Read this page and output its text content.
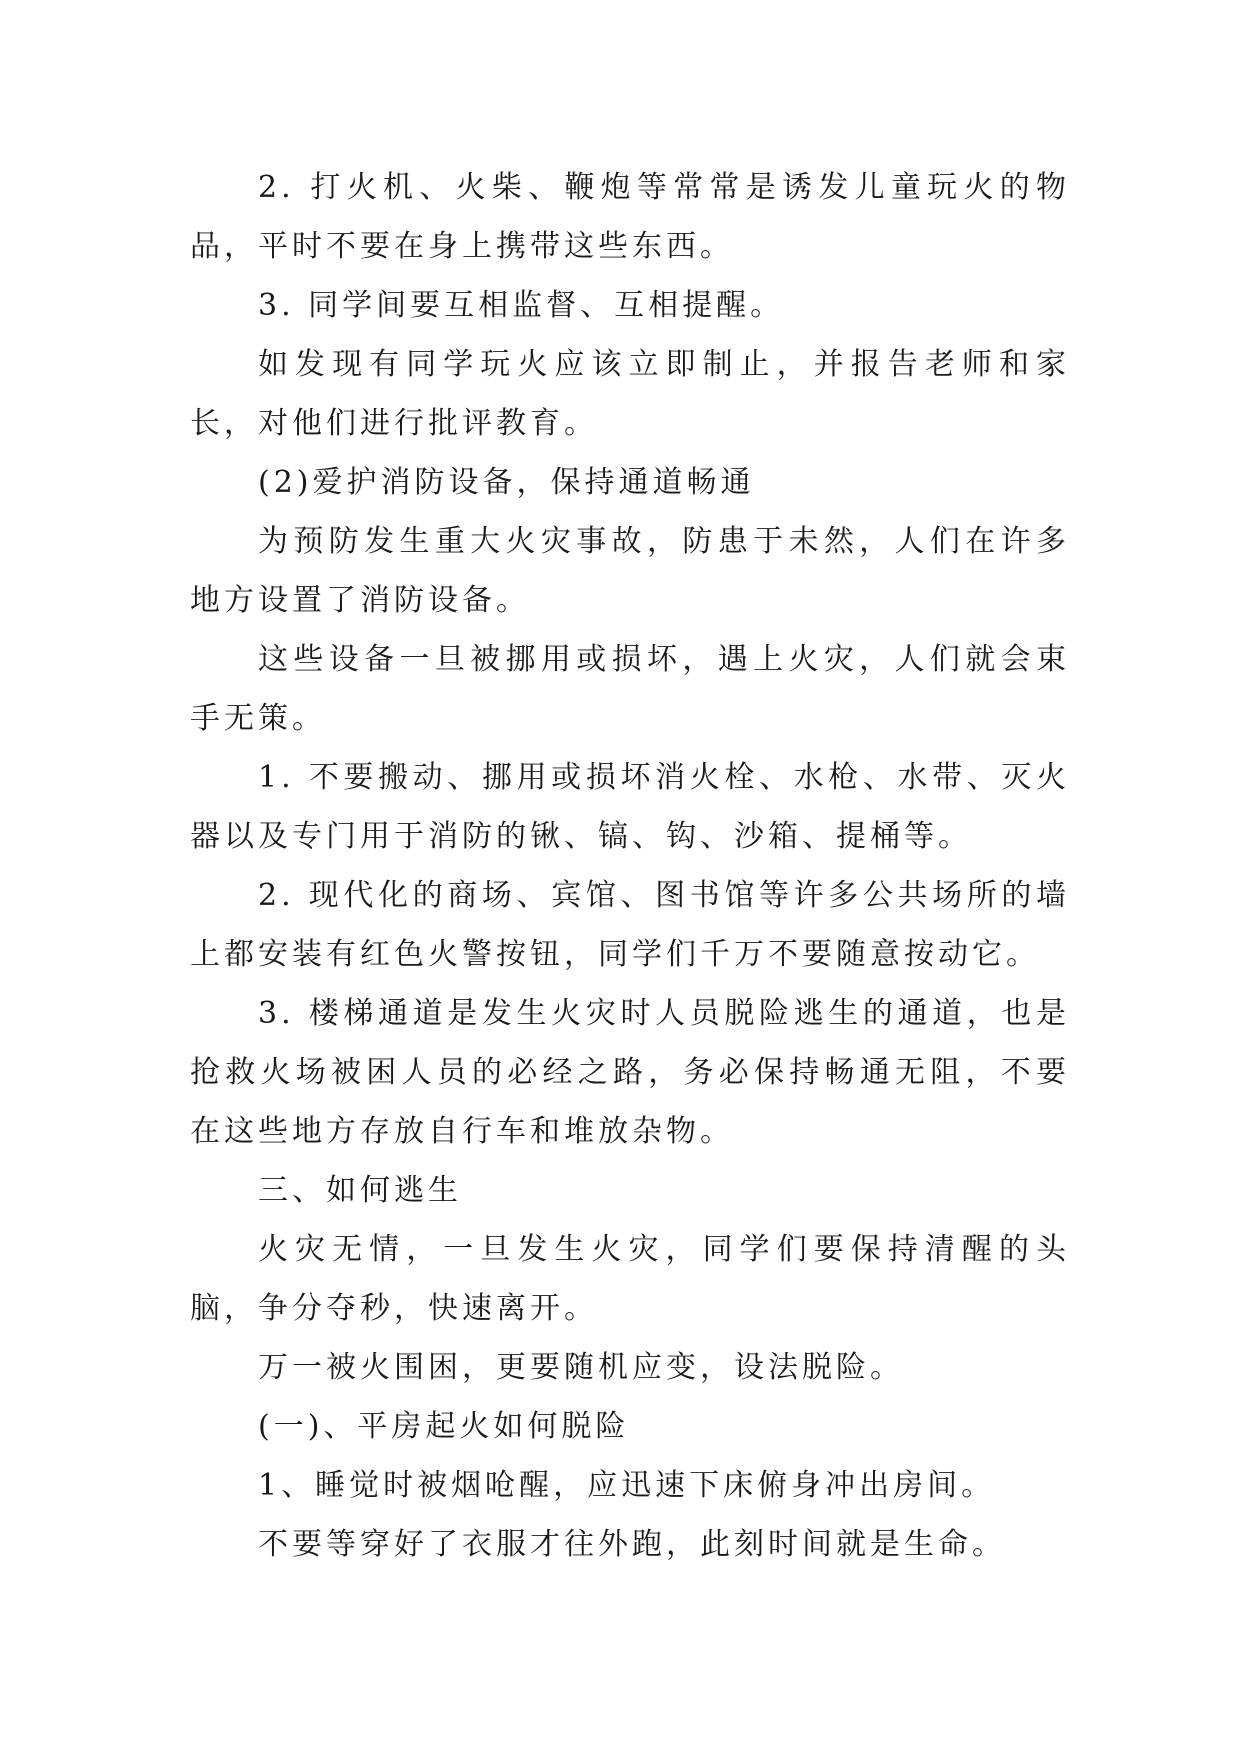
2. 打火机、火柴、鞭炮等常常是诱发儿童玩火的物品，平时不要在身上携带这些东西。

3. 同学间要互相监督、互相提醒。

如发现有同学玩火应该立即制止，并报告老师和家长，对他们进行批评教育。

(2)爱护消防设备，保持通道畅通

为预防发生重大火灾事故，防患于未然，人们在许多地方设置了消防设备。

这些设备一旦被挪用或损坏，遇上火灾，人们就会束手无策。

1. 不要搬动、挪用或损坏消火栓、水枪、水带、灭火器以及专门用于消防的锹、镐、钩、沙箱、提桶等。

2. 现代化的商场、宾馆、图书馆等许多公共场所的墙上都安装有红色火警按钮，同学们千万不要随意按动它。

3. 楼梯通道是发生火灾时人员脱险逃生的通道，也是抢救火场被困人员的必经之路，务必保持畅通无阻，不要在这些地方存放自行车和堆放杂物。

三、如何逃生

火灾无情，一旦发生火灾，同学们要保持清醒的头脑，争分夺秒，快速离开。

万一被火围困，更要随机应变，设法脱险。

(一)、平房起火如何脱险

1、睡觉时被烟呛醒，应迅速下床俯身冲出房间。

不要等穿好了衣服才往外跑，此刻时间就是生命。
